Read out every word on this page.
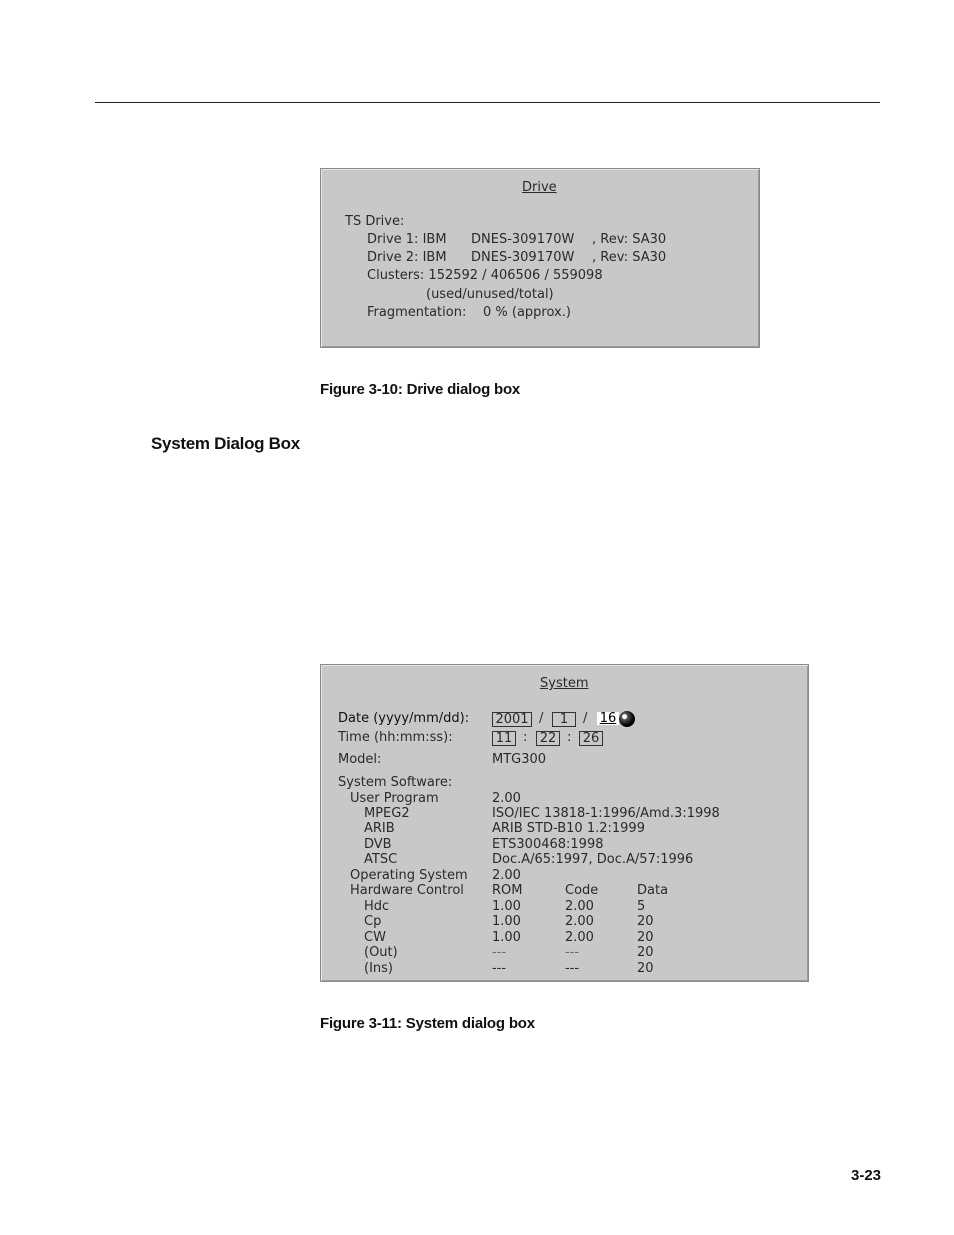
Drive
TS Drive:
Drive 1: IBM DNES-309170W , Rev: SA30
Drive 2: IBM DNES-309170W , Rev: SA30
Clusters: 152592 / 406506 / 559098
(used/unused/total)
Fragmentation: 0 % (approx.)
Figure 3-10: Drive dialog box
System Dialog Box
System
Date (yyyy/mm/dd): 2001 /	1	/ 16
Time (hh:mm:ss):	11 : 22 : 26
Model:	MTG300
System Software:
User Program	2.00
MPEG2	ISO/IEC 13818-1:1996/Amd.3:1998
ARIB	ARIB STD-B10 1.2:1999
DVB	ETS300468:1998
ATSC	Doc.A/65:1997, Doc.A/57:1996
Operating System 2.00
Hardware Control ROM	Code	Data
Hdc	1.00	2.00	5
Cp	1.00	2.00	20
CW	1.00	2.00	20
(Out)	---	---	20
(Ins)	---	---	20
Figure 3-11: System dialog box
3-23
